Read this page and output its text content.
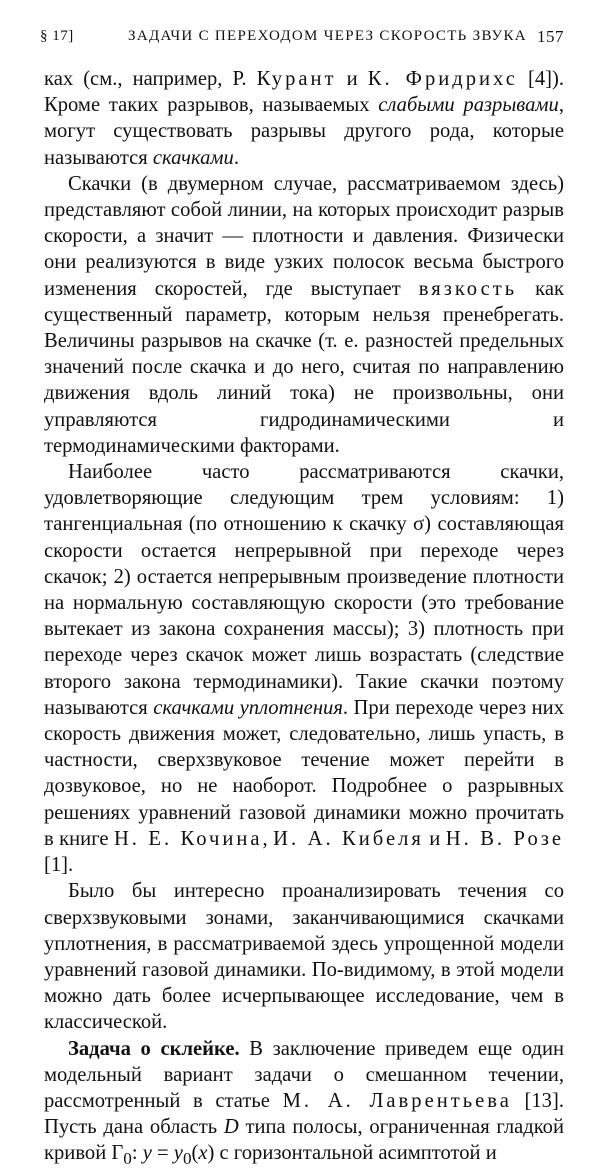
§ 17]	ЗАДАЧИ С ПЕРЕХОДОМ ЧЕРЕЗ СКОРОСТЬ ЗВУКА 157

ках (см., например, Р. Курант и К. Фридрихс [4]). Кроме таких разрывов, называемых слабыми разрывами, могут существовать разрывы другого рода, которые называются скачками.

Скачки (в двумерном случае, рассматриваемом здесь) представляют собой линии, на которых происходит разрыв скорости, а значит — плотности и давления. Физически они реализуются в виде узких полосок весьма быстрого изменения скоростей, где выступает вязкость как существенный параметр, которым нельзя пренебрегать. Величины разрывов на скачке (т. е. разностей предельных значений после скачка и до него, считая по направлению движения вдоль линий тока) не произвольны, они управляются гидродинамическими и термодинамическими факторами.

Наиболее часто рассматриваются скачки, удовлетворяющие следующим трем условиям: 1) тангенциальная (по отношению к скачку σ) составляющая скорости остается непрерывной при переходе через скачок; 2) остается непрерывным произведение плотности на нормальную составляющую скорости (это требование вытекает из закона сохранения массы); 3) плотность при переходе через скачок может лишь возрастать (следствие второго закона термодинамики). Такие скачки поэтому называются скачками уплотнения. При переходе через них скорость движения может, следовательно, лишь упасть, в частности, сверхзвуковое течение может перейти в дозвуковое, но не наоборот. Подробнее о разрывных решениях уравнений газовой динамики можно прочитать в книге Н. Е. Кочина, И. А. Кибеля и Н. В. Розе [1].

Было бы интересно проанализировать течения со сверхзвуковыми зонами, заканчивающимися скачками уплотнения, в рассматриваемой здесь упрощенной модели уравнений газовой динамики. По-видимому, в этой модели можно дать более исчерпывающее исследование, чем в классической.

Задача о склейке. В заключение приведем еще один модельный вариант задачи о смешанном течении, рассмотренный в статье М. А. Лаврентьева [13]. Пусть дана область D типа полосы, ограниченная гладкой кривой $\Gamma_0$: $y = y_0(x)$ с горизонтальной асимптотой и
